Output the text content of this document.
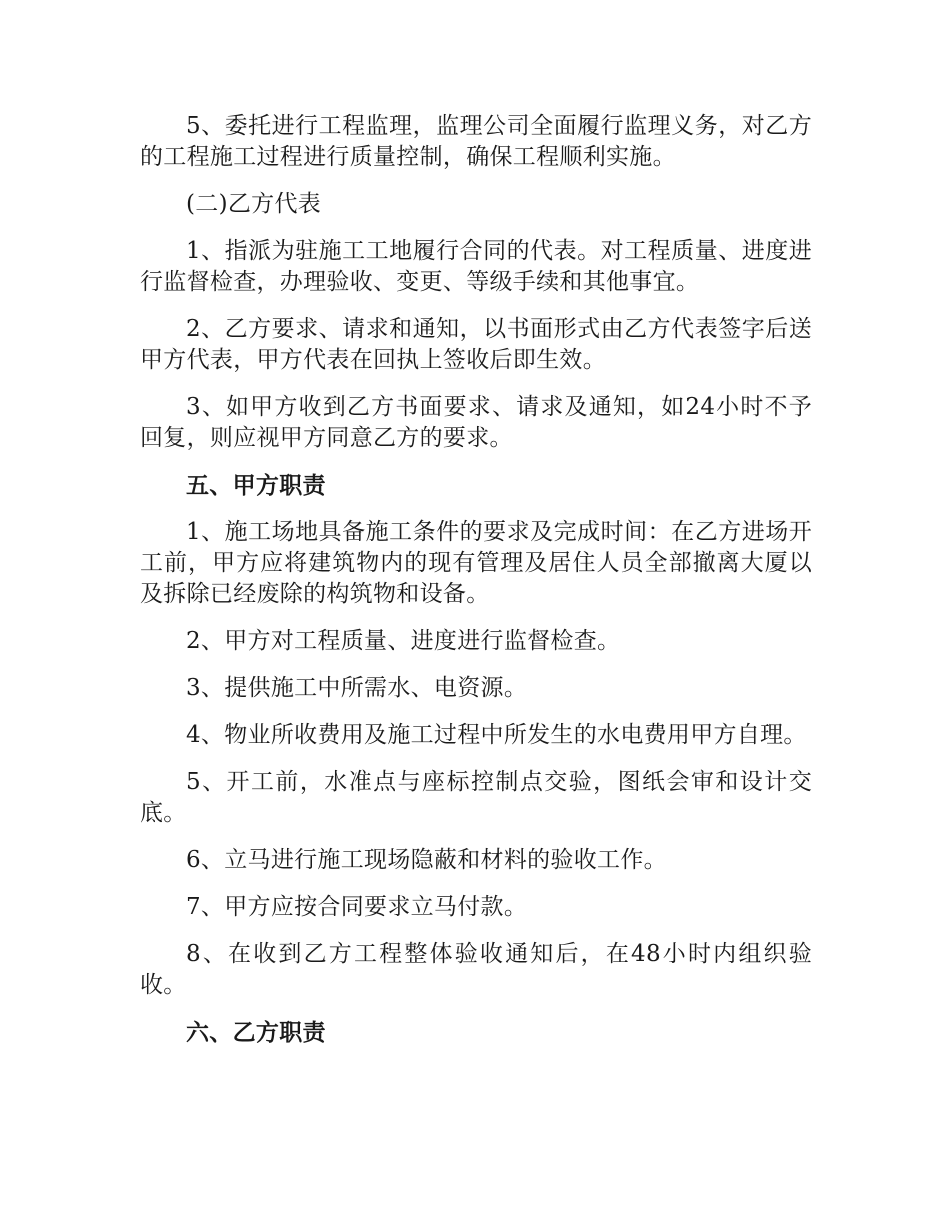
5、委托进行工程监理，监理公司全面履行监理义务，对乙方的工程施工过程进行质量控制，确保工程顺利实施。

(二)乙方代表

1、指派为驻施工工地履行合同的代表。对工程质量、进度进行监督检查，办理验收、变更、等级手续和其他事宜。

2、乙方要求、请求和通知，以书面形式由乙方代表签字后送甲方代表，甲方代表在回执上签收后即生效。

3、如甲方收到乙方书面要求、请求及通知，如24小时不予回复，则应视甲方同意乙方的要求。

五、甲方职责

1、施工场地具备施工条件的要求及完成时间：在乙方进场开工前，甲方应将建筑物内的现有管理及居住人员全部撤离大厦以及拆除已经废除的构筑物和设备。

2、甲方对工程质量、进度进行监督检查。

3、提供施工中所需水、电资源。

4、物业所收费用及施工过程中所发生的水电费用甲方自理。

5、开工前，水准点与座标控制点交验，图纸会审和设计交底。

6、立马进行施工现场隐蔽和材料的验收工作。

7、甲方应按合同要求立马付款。

8、在收到乙方工程整体验收通知后，在48小时内组织验收。

六、乙方职责
